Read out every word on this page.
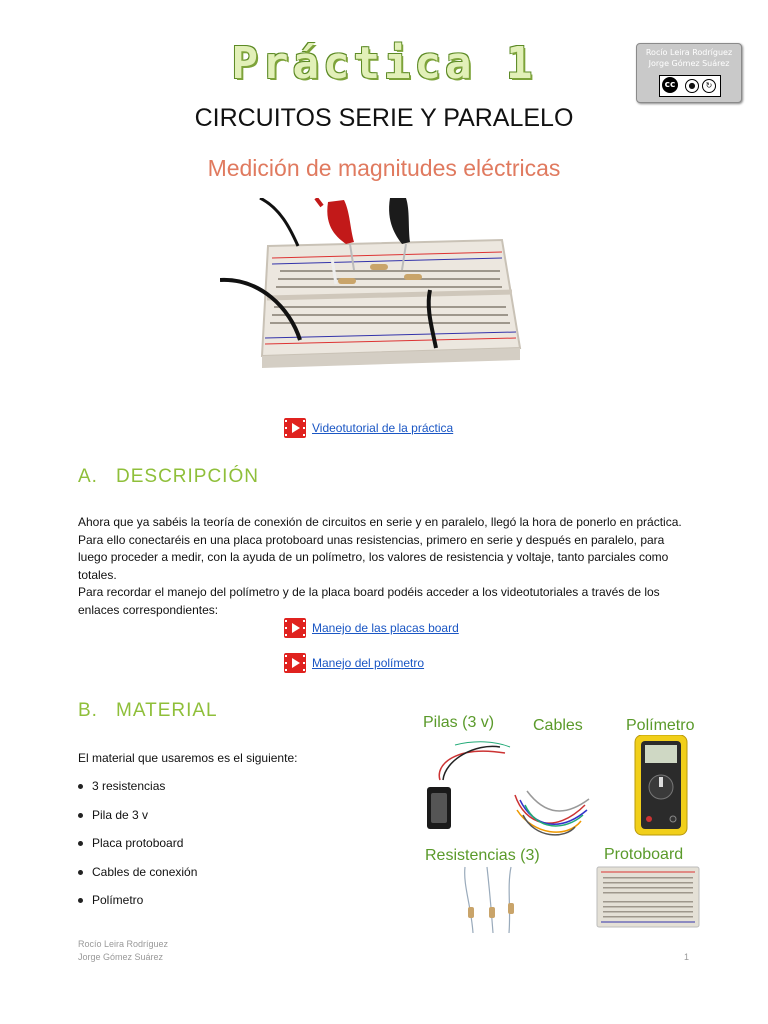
Práctica 1	Rocío Leira Rodríguez
Jorge Gómez Suárez
cc	●	↻
CIRCUITOS SERIE Y PARALELO
Medición de magnitudes eléctricas
Videotutorial de la práctica
A. DESCRIPCIÓN
Ahora que ya sabéis la teoría de conexión de circuitos en serie y en paralelo, llegó la hora de ponerlo en práctica. Para ello conectaréis en una placa protoboard unas resistencias, primero en serie y después en paralelo, para luego proceder a medir, con la ayuda de un polímetro, los valores de resistencia y voltaje, tanto parciales como totales.
Para recordar el manejo del polímetro y de la placa board podéis acceder a los videotutoriales a través de los enlaces correspondientes:
Manejo de las placas board
Manejo del polímetro
B. MATERIAL
El material que usaremos es el siguiente:
3 resistencias
Pila de 3 v
Placa protoboard
Cables de conexión
Polímetro
Pilas (3 v) Cables	Polímetro
Resistencias (3)	Protoboard
Rocío Leira Rodríguez
Jorge Gómez Suárez	1
